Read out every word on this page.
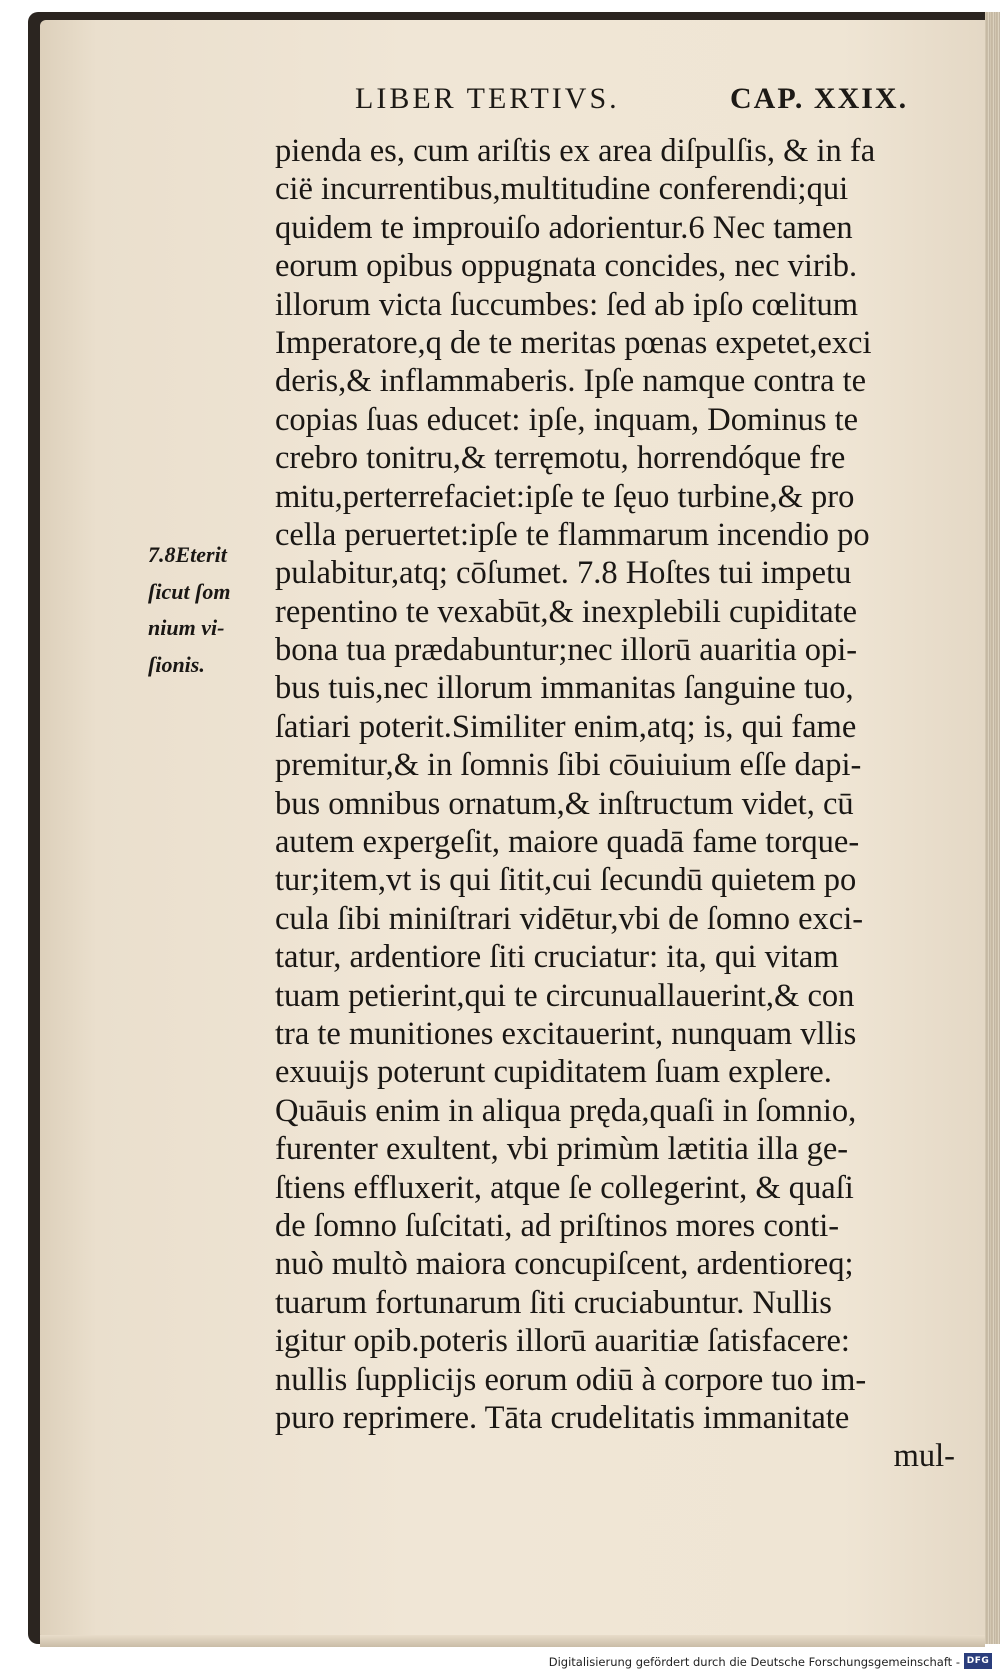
LIBER TERTIVS.	CAP. XXIX.
7.8Eterit
ſicut ſom
nium vi-
ſionis.
pienda es, cum ariſtis ex area diſpulſis, & in fa
cië incurrentibus,multitudine conferendi;qui
quidem te improuiſo adorientur.6 Nec tamen
eorum opibus oppugnata concides, nec virib.
illorum victa ſuccumbes: ſed ab ipſo cœlitum
Imperatore,q de te meritas pœnas expetet,exci
deris,& inflammaberis. Ipſe namque contra te
copias ſuas educet: ipſe, inquam, Dominus te
crebro tonitru,& terręmotu, horrendóque fre
mitu,perterrefaciet:ipſe te ſęuo turbine,& pro
cella peruertet:ipſe te flammarum incendio po
pulabitur,atq; cōſumet. 7.8 Hoſtes tui impetu
repentino te vexabūt,& inexplebili cupiditate
bona tua prædabuntur;nec illorū auaritia opi-
bus tuis,nec illorum immanitas ſanguine tuo,
ſatiari poterit.Similiter enim,atq; is, qui fame
premitur,& in ſomnis ſibi cōuiuium eſſe dapi-
bus omnibus ornatum,& inſtructum videt, cū
autem expergeſit, maiore quadā fame torque-
tur;item,vt is qui ſitit,cui ſecundū quietem po
cula ſibi miniſtrari vidētur,vbi de ſomno exci-
tatur, ardentiore ſiti cruciatur: ita, qui vitam
tuam petierint,qui te circunuallauerint,& con
tra te munitiones excitauerint, nunquam vllis
exuuijs poterunt cupiditatem ſuam explere.
Quāuis enim in aliqua pręda,quaſi in ſomnio,
furenter exultent, vbi primùm lætitia illa ge-
ſtiens effluxerit, atque ſe collegerint, & quaſi
de ſomno ſuſcitati, ad priſtinos mores conti-
nuò multò maiora concupiſcent, ardentioreq;
tuarum fortunarum ſiti cruciabuntur. Nullis
igitur opib.poteris illorū auaritiæ ſatisfacere:
nullis ſupplicijs eorum odiū à corpore tuo im-
puro reprimere. Tāta crudelitatis immanitate
mul-
Digitalisierung gefördert durch die Deutsche Forschungsgemeinschaft - DFG
